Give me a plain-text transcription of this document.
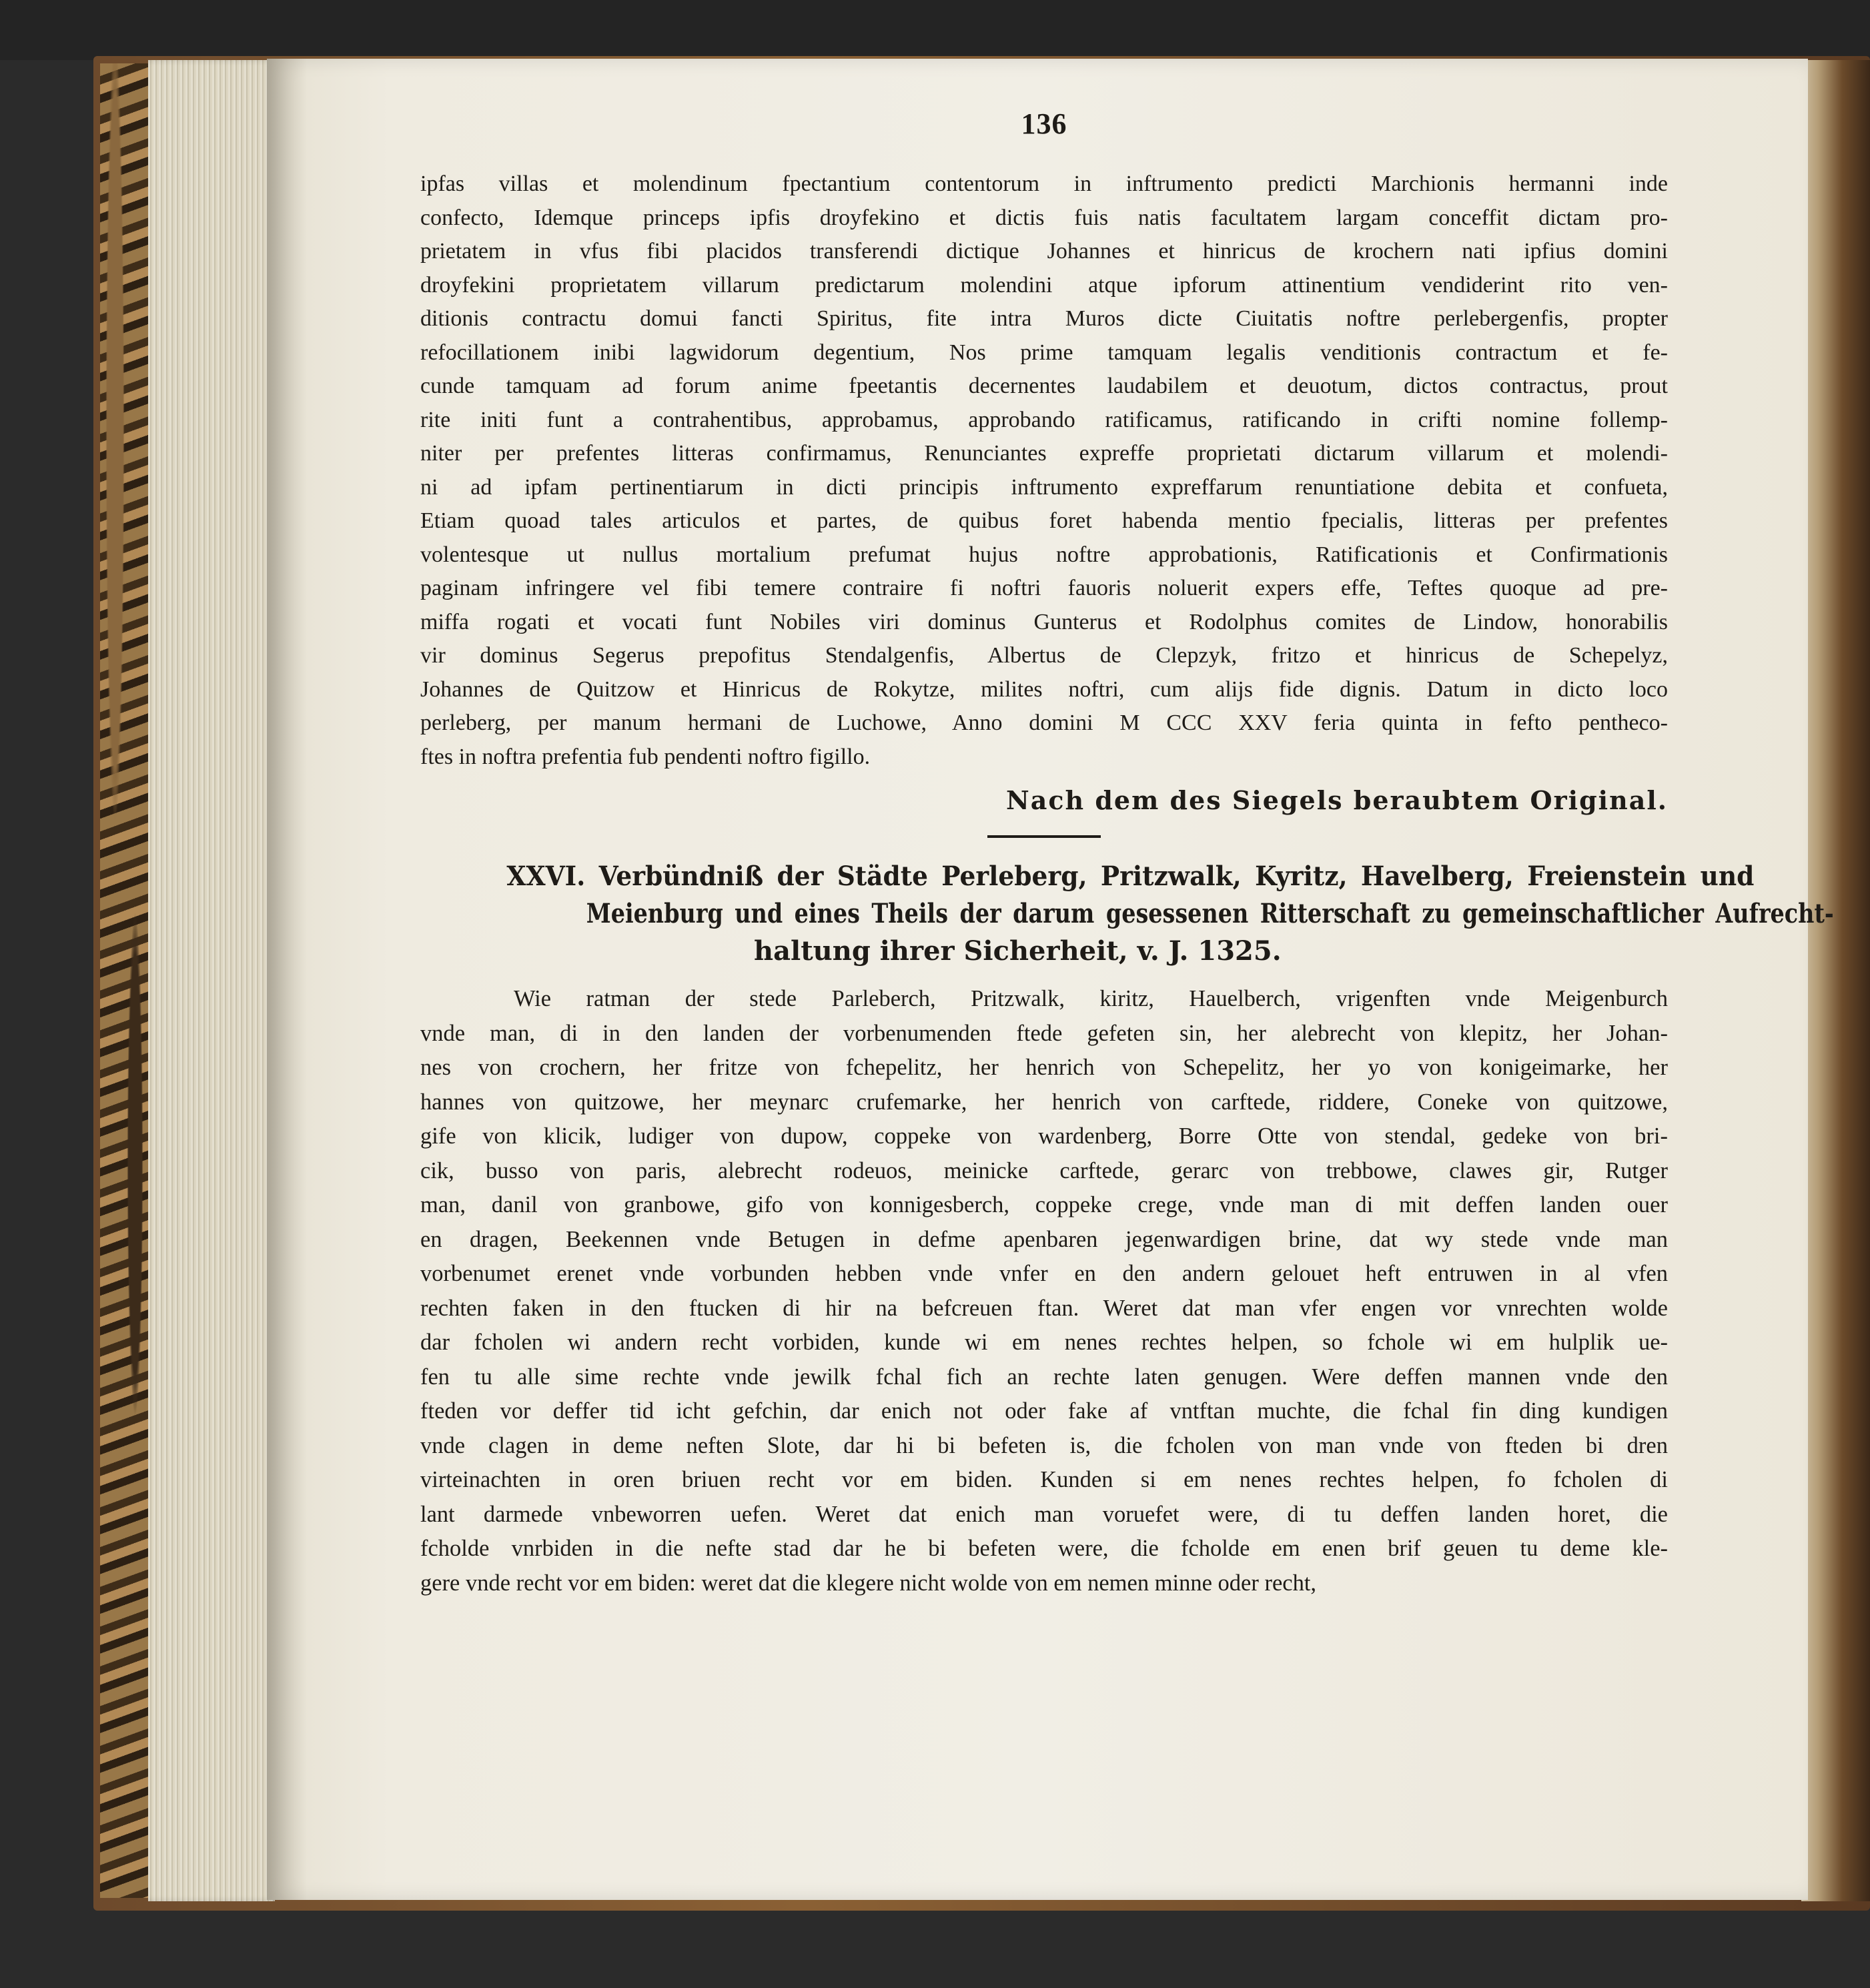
136
ipfas villas et molendinum fpectantium contentorum in inftrumento predicti Marchionis hermanni inde
confecto, Idemque princeps ipfis droyfekino et dictis fuis natis facultatem largam conceffit dictam pro-
prietatem in vfus fibi placidos transferendi dictique Johannes et hinricus de krochern nati ipfius domini
droyfekini proprietatem villarum predictarum molendini atque ipforum attinentium vendiderint rito ven-
ditionis contractu domui fancti Spiritus, fite intra Muros dicte Ciuitatis noftre perlebergenfis, propter
refocillationem inibi lagwidorum degentium, Nos prime tamquam legalis venditionis contractum et fe-
cunde tamquam ad forum anime fpeetantis decernentes laudabilem et deuotum, dictos contractus, prout
rite initi funt a contrahentibus, approbamus, approbando ratificamus, ratificando in crifti nomine follemp-
niter per prefentes litteras confirmamus, Renunciantes expreffe proprietati dictarum villarum et molendi-
ni ad ipfam pertinentiarum in dicti principis inftrumento expreffarum renuntiatione debita et confueta,
Etiam quoad tales articulos et partes, de quibus foret habenda mentio fpecialis, litteras per prefentes
volentesque ut nullus mortalium prefumat hujus noftre approbationis, Ratificationis et Confirmationis
paginam infringere vel fibi temere contraire fi noftri fauoris noluerit expers effe, Teftes quoque ad pre-
miffa rogati et vocati funt Nobiles viri dominus Gunterus et Rodolphus comites de Lindow, honorabilis
vir dominus Segerus prepofitus Stendalgenfis, Albertus de Clepzyk, fritzo et hinricus de Schepelyz,
Johannes de Quitzow et Hinricus de Rokytze, milites noftri, cum alijs fide dignis. Datum in dicto loco
perleberg, per manum hermani de Luchowe, Anno domini M CCC XXV feria quinta in fefto pentheco-
ftes in noftra prefentia fub pendenti noftro figillo.
Nach dem des Siegels beraubtem Original.
XXVI. Verbündniß der Städte Perleberg, Pritzwalk, Kyritz, Havelberg, Freienstein und
Meienburg und eines Theils der darum gesessenen Ritterschaft zu gemeinschaftlicher Aufrecht-
haltung ihrer Sicherheit, v. J. 1325.
Wie ratman der stede Parleberch, Pritzwalk, kiritz, Hauelberch, vrigenften vnde Meigenburch
vnde man, di in den landen der vorbenumenden ftede gefeten sin, her alebrecht von klepitz, her Johan-
nes von crochern, her fritze von fchepelitz, her henrich von Schepelitz, her yo von konigeimarke, her
hannes von quitzowe, her meynarc crufemarke, her henrich von carftede, riddere, Coneke von quitzowe,
gife von klicik, ludiger von dupow, coppeke von wardenberg, Borre Otte von stendal, gedeke von bri-
cik, busso von paris, alebrecht rodeuos, meinicke carftede, gerarc von trebbowe, clawes gir, Rutger
man, danil von granbowe, gifo von konnigesberch, coppeke crege, vnde man di mit deffen landen ouer
en dragen, Beekennen vnde Betugen in defme apenbaren jegenwardigen brine, dat wy stede vnde man
vorbenumet erenet vnde vorbunden hebben vnde vnfer en den andern gelouet heft entruwen in al vfen
rechten faken in den ftucken di hir na befcreuen ftan. Weret dat man vfer engen vor vnrechten wolde
dar fcholen wi andern recht vorbiden, kunde wi em nenes rechtes helpen, so fchole wi em hulplik ue-
fen tu alle sime rechte vnde jewilk fchal fich an rechte laten genugen. Were deffen mannen vnde den
fteden vor deffer tid icht gefchin, dar enich not oder fake af vntftan muchte, die fchal fin ding kundigen
vnde clagen in deme neften Slote, dar hi bi befeten is, die fcholen von man vnde von fteden bi dren
virteinachten in oren briuen recht vor em biden. Kunden si em nenes rechtes helpen, fo fcholen di
lant darmede vnbeworren uefen. Weret dat enich man voruefet were, di tu deffen landen horet, die
fcholde vnrbiden in die nefte stad dar he bi befeten were, die fcholde em enen brif geuen tu deme kle-
gere vnde recht vor em biden: weret dat die klegere nicht wolde von em nemen minne oder recht,
